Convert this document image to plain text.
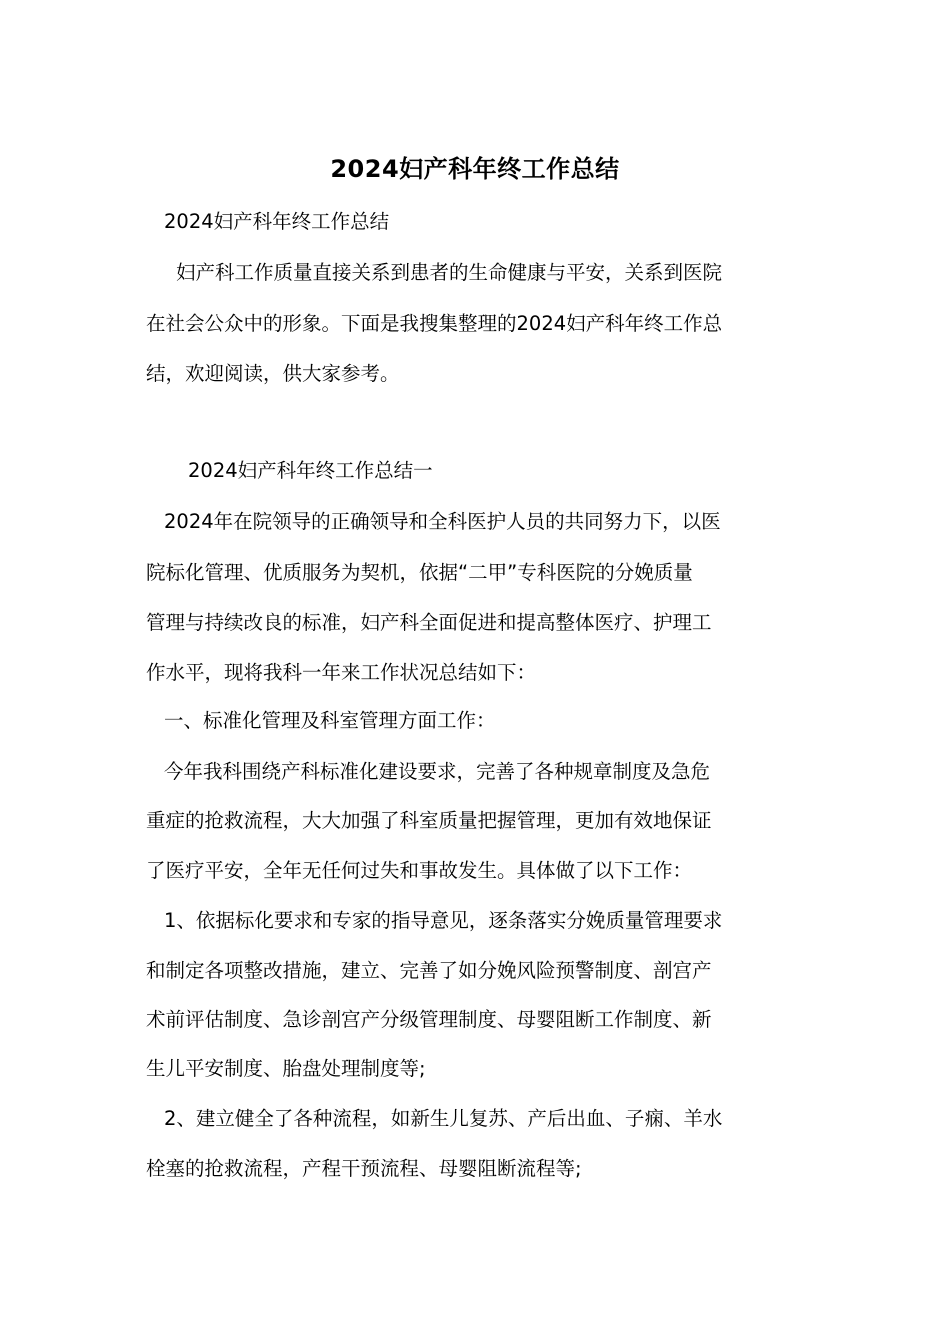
2024妇产科年终工作总结
2024妇产科年终工作总结
妇产科工作质量直接关系到患者的生命健康与平安，关系到医院
在社会公众中的形象。下面是我搜集整理的2024妇产科年终工作总
结，欢迎阅读，供大家参考。
2024妇产科年终工作总结一
2024年在院领导的正确领导和全科医护人员的共同努力下，以医
院标化管理、优质服务为契机，依据“二甲”专科医院的分娩质量
管理与持续改良的标准，妇产科全面促进和提高整体医疗、护理工
作水平，现将我科一年来工作状况总结如下：
一、标准化管理及科室管理方面工作：
今年我科围绕产科标准化建设要求，完善了各种规章制度及急危
重症的抢救流程，大大加强了科室质量把握管理，更加有效地保证
了医疗平安，全年无任何过失和事故发生。具体做了以下工作：
1、依据标化要求和专家的指导意见，逐条落实分娩质量管理要求
和制定各项整改措施，建立、完善了如分娩风险预警制度、剖宫产
术前评估制度、急诊剖宫产分级管理制度、母婴阻断工作制度、新
生儿平安制度、胎盘处理制度等;
2、建立健全了各种流程，如新生儿复苏、产后出血、子痫、羊水
栓塞的抢救流程，产程干预流程、母婴阻断流程等;
